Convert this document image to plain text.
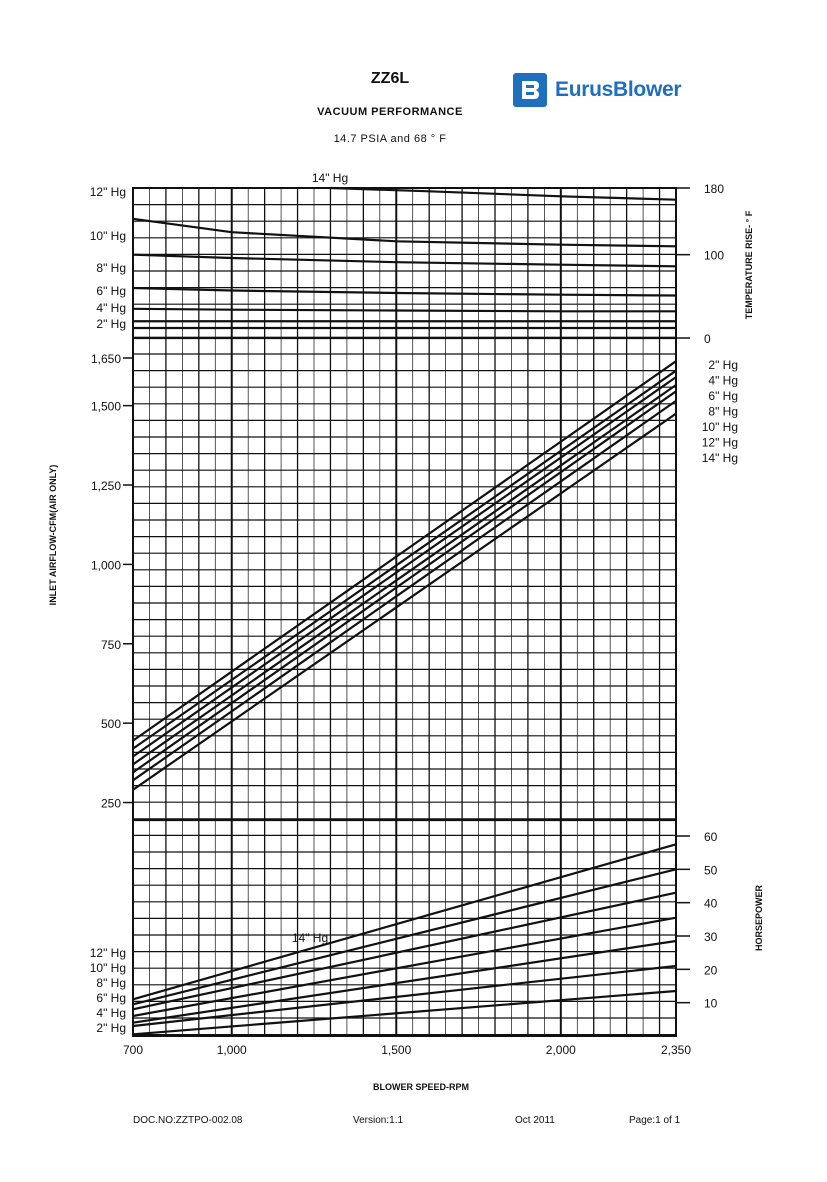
ZZ6L
VACUUM PERFORMANCE
14.7 PSIA and 68 ° F
EurusBlower
700	1,000	1,500	2,000	2,350
BLOWER SPEED-RPM
0
100
180
TEMPERATURE RISE- ° F
250
500
750
1,000
1,250
1,500
1,650
INLET AIRFLOW-CFM(AIR ONLY)
10
20
30
40
50
60
HORSEPOWER
12" Hg
10" Hg
8" Hg
6" Hg
4" Hg
2" Hg
14" Hg
2" Hg
4" Hg
6" Hg
8" Hg
10" Hg
12" Hg
14" Hg
12" Hg
10" Hg
8" Hg
6" Hg
4" Hg
2" Hg
14" Hg
DOC.NO:ZZTPO-002.08	Version:1.1	Oct 2011	Page:1 of 1
